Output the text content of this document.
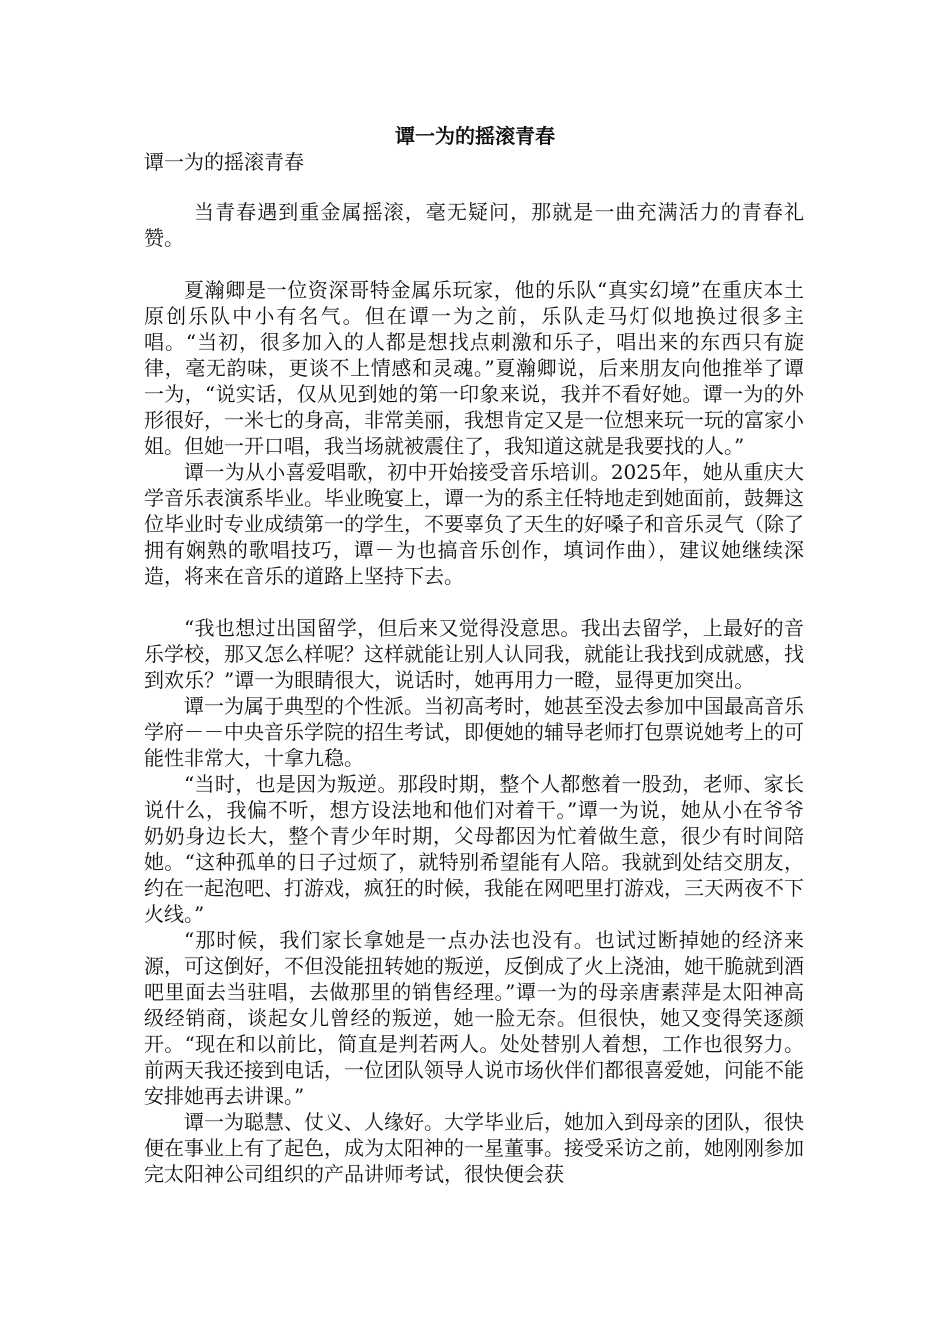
谭一为的摇滚青春

谭一为的摇滚青春

当青春遇到重金属摇滚，毫无疑问，那就是一曲充满活力的青春礼赞。

夏瀚卿是一位资深哥特金属乐玩家，他的乐队“真实幻境”在重庆本土原创乐队中小有名气。但在谭一为之前，乐队走马灯似地换过很多主唱。“当初，很多加入的人都是想找点刺激和乐子，唱出来的东西只有旋律，毫无韵味，更谈不上情感和灵魂。”夏瀚卿说，后来朋友向他推举了谭一为，“说实话，仅从见到她的第一印象来说，我并不看好她。谭一为的外形很好，一米七的身高，非常美丽，我想肯定又是一位想来玩一玩的富家小姐。但她一开口唱，我当场就被震住了，我知道这就是我要找的人。”

谭一为从小喜爱唱歌，初中开始接受音乐培训。2025年，她从重庆大学音乐表演系毕业。毕业晚宴上，谭一为的系主任特地走到她面前，鼓舞这位毕业时专业成绩第一的学生，不要辜负了天生的好嗓子和音乐灵气（除了拥有娴熟的歌唱技巧，谭－为也搞音乐创作，填词作曲），建议她继续深造，将来在音乐的道路上坚持下去。

“我也想过出国留学，但后来又觉得没意思。我出去留学，上最好的音乐学校，那又怎么样呢？这样就能让别人认同我，就能让我找到成就感，找到欢乐？”谭一为眼睛很大，说话时，她再用力一瞪，显得更加突出。

谭一为属于典型的个性派。当初高考时，她甚至没去参加中国最高音乐学府－－中央音乐学院的招生考试，即便她的辅导老师打包票说她考上的可能性非常大，十拿九稳。

“当时，也是因为叛逆。那段时期，整个人都憋着一股劲，老师、家长说什么，我偏不听，想方设法地和他们对着干。”谭一为说，她从小在爷爷奶奶身边长大，整个青少年时期，父母都因为忙着做生意，很少有时间陪她。“这种孤单的日子过烦了，就特别希望能有人陪。我就到处结交朋友，约在一起泡吧、打游戏，疯狂的时候，我能在网吧里打游戏，三天两夜不下火线。”

“那时候，我们家长拿她是一点办法也没有。也试过断掉她的经济来源，可这倒好，不但没能扭转她的叛逆，反倒成了火上浇油，她干脆就到酒吧里面去当驻唱，去做那里的销售经理。”谭一为的母亲唐素萍是太阳神高级经销商，谈起女儿曾经的叛逆，她一脸无奈。但很快，她又变得笑逐颜开。“现在和以前比，简直是判若两人。处处替别人着想，工作也很努力。前两天我还接到电话，一位团队领导人说市场伙伴们都很喜爱她，问能不能安排她再去讲课。”

谭一为聪慧、仗义、人缘好。大学毕业后，她加入到母亲的团队，很快便在事业上有了起色，成为太阳神的一星董事。接受采访之前，她刚刚参加完太阳神公司组织的产品讲师考试，很快便会获
